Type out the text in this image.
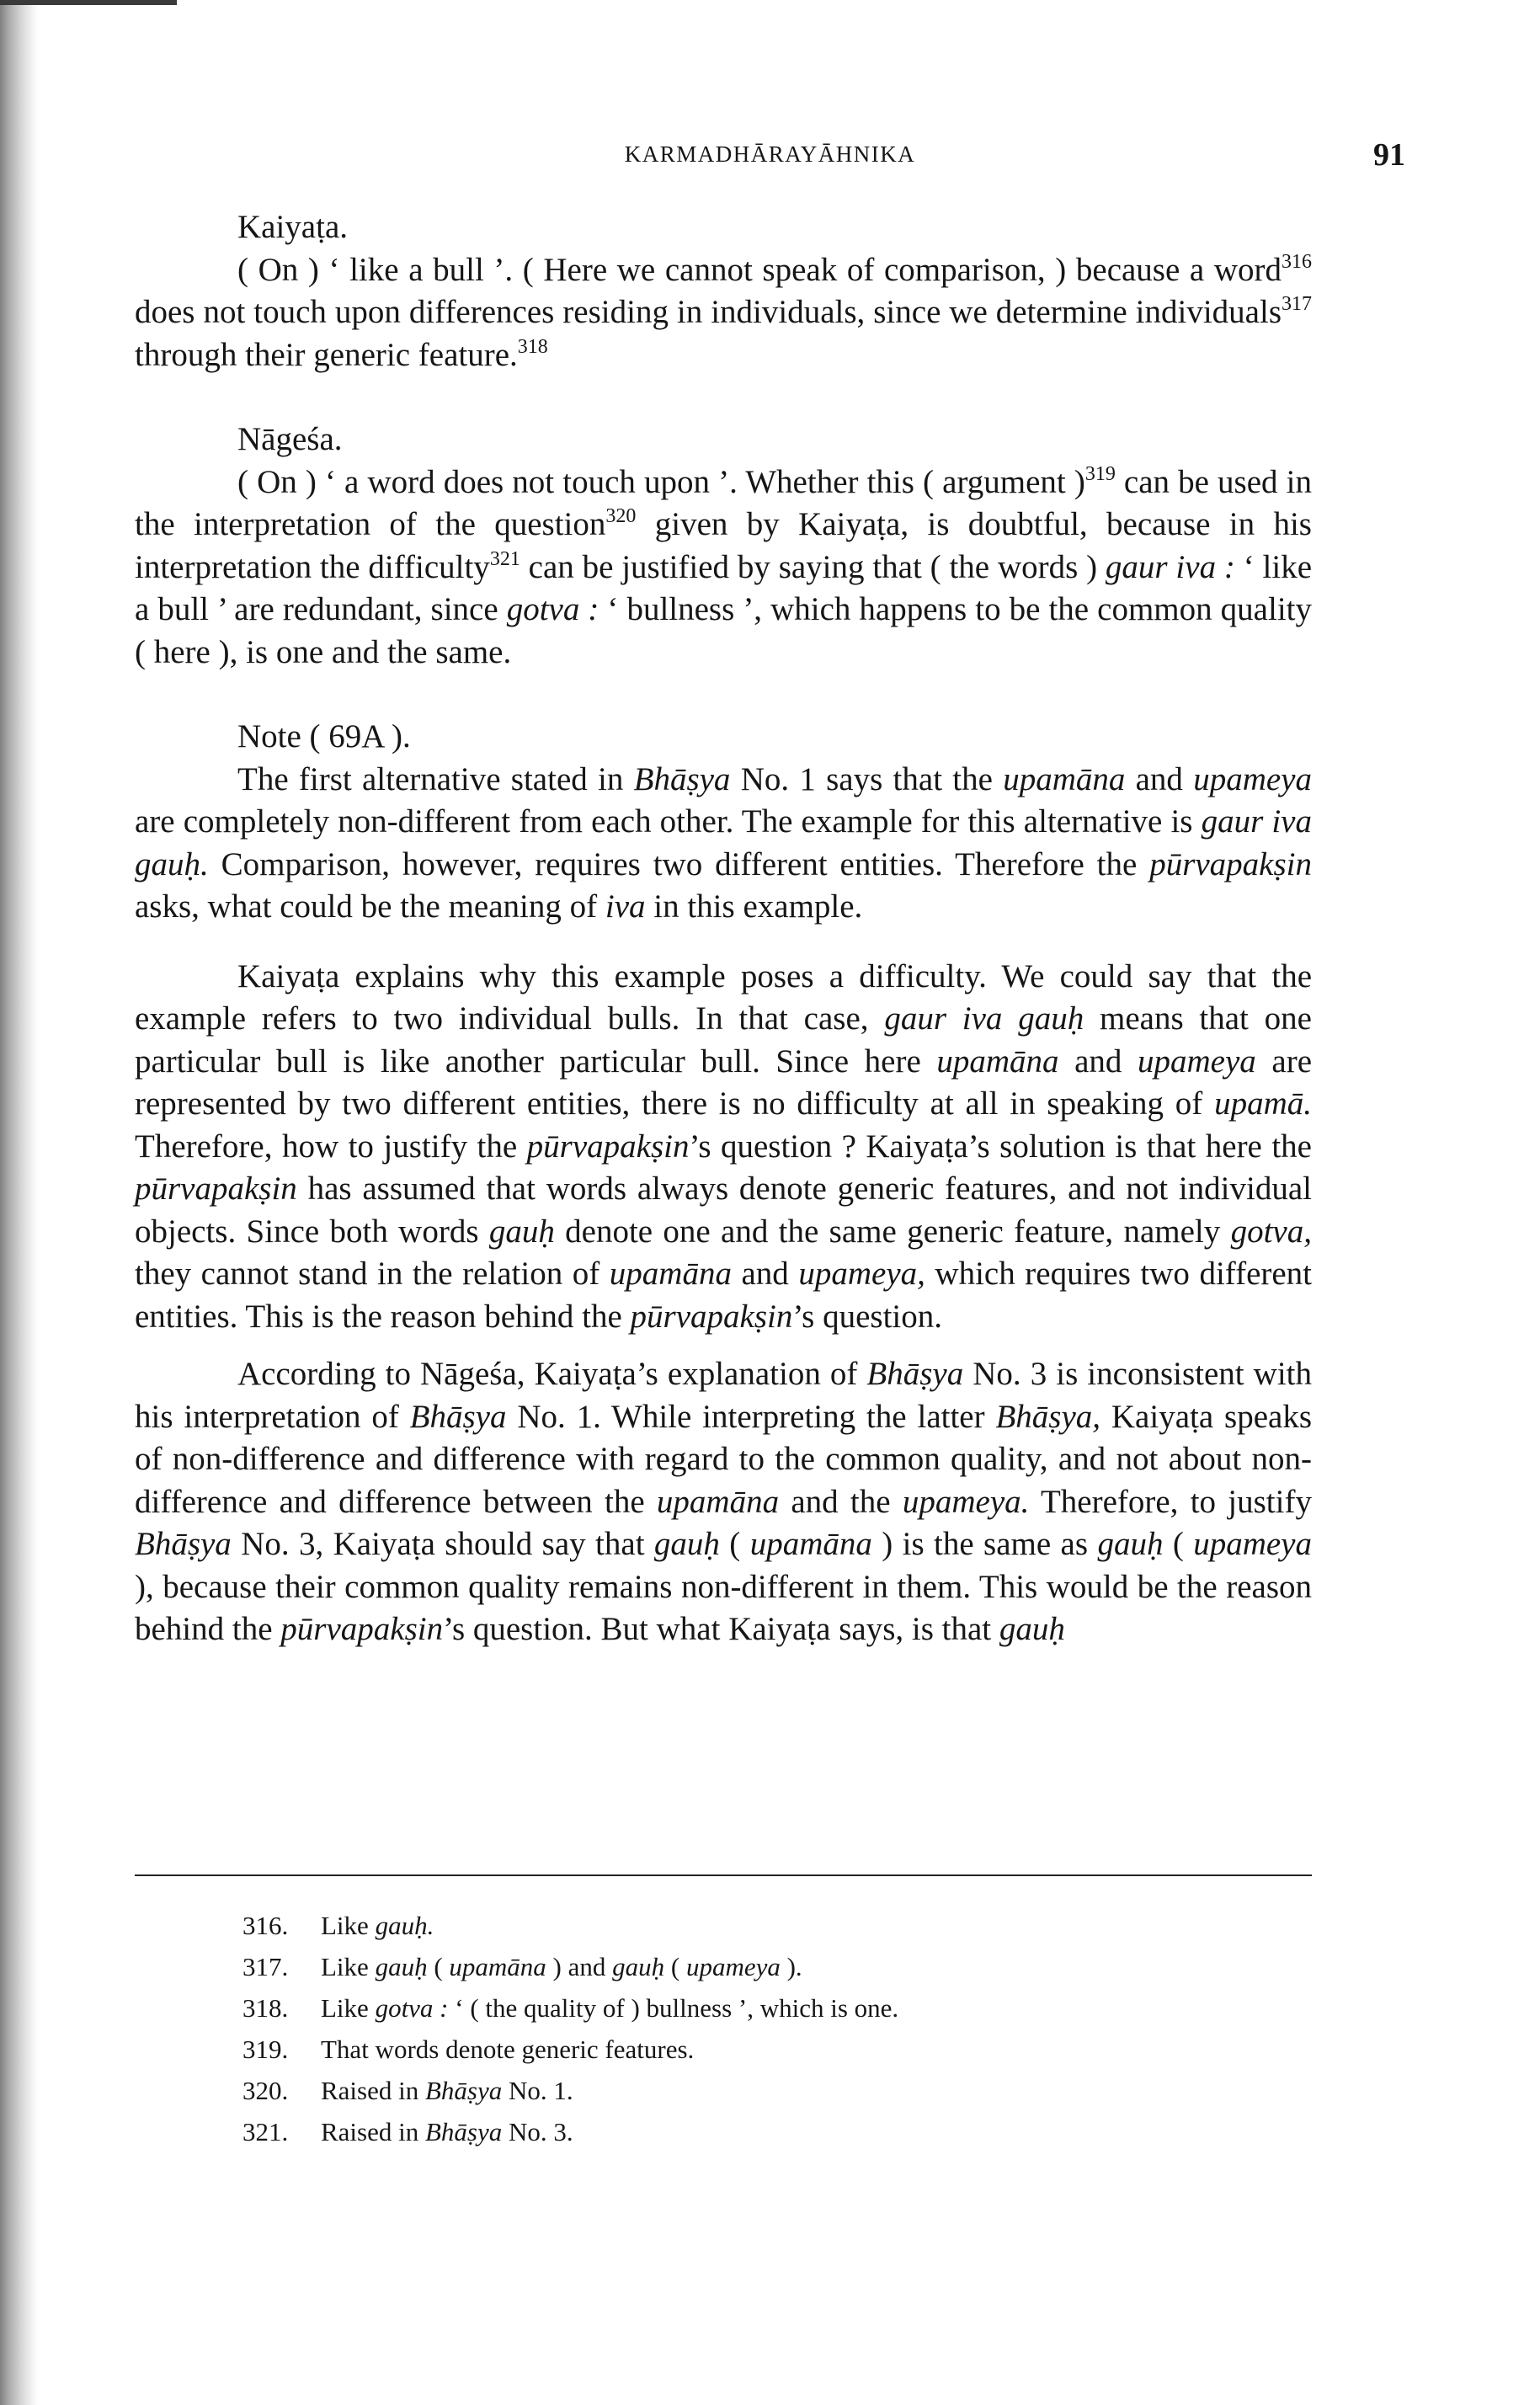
KARMADHĀRAYĀHNIKA	91

Kaiyaṭa.

( On ) ‘ like a bull ’. ( Here we cannot speak of comparison, ) because a word$^{316}$ does not touch upon differences residing in individuals, since we determine individuals$^{317}$ through their generic feature.$^{318}$

Nāgeśa.

( On ) ‘ a word does not touch upon ’. Whether this ( argument )$^{319}$ can be used in the interpretation of the question$^{320}$ given by Kaiyaṭa, is doubtful, because in his interpretation the difficulty$^{321}$ can be justified by saying that ( the words ) gaur iva : ‘ like a bull ’ are redundant, since gotva : ‘ bullness ’, which happens to be the common quality ( here ), is one and the same.

Note ( 69A ).

The first alternative stated in Bhāṣya No. 1 says that the upamāna and upameya are completely non-different from each other. The example for this alternative is gaur iva gauḥ. Comparison, however, requires two different entities. Therefore the pūrvapakṣin asks, what could be the meaning of iva in this example.

Kaiyaṭa explains why this example poses a difficulty. We could say that the example refers to two individual bulls. In that case, gaur iva gauḥ means that one particular bull is like another particular bull. Since here upamāna and upameya are represented by two different entities, there is no difficulty at all in speaking of upamā. Therefore, how to justify the pūrvapakṣin’s question ? Kaiyaṭa’s solution is that here the pūrvapakṣin has assumed that words always denote generic features, and not individual objects. Since both words gauḥ denote one and the same generic feature, namely gotva, they cannot stand in the relation of upamāna and upameya, which requires two different entities. This is the reason behind the pūrvapakṣin’s question.

According to Nāgeśa, Kaiyaṭa’s explanation of Bhāṣya No. 3 is inconsistent with his interpretation of Bhāṣya No. 1. While interpreting the latter Bhāṣya, Kaiyaṭa speaks of non-difference and difference with regard to the common quality, and not about non-difference and difference between the upamāna and the upameya. Therefore, to justify Bhāṣya No. 3, Kaiyaṭa should say that gauḥ ( upamāna ) is the same as gauḥ ( upameya ), because their common quality remains non-different in them. This would be the reason behind the pūrvapakṣin’s question. But what Kaiyaṭa says, is that gauḥ

316. Like gauḥ.
317. Like gauḥ ( upamāna ) and gauḥ ( upameya ).
318. Like gotva : ‘ ( the quality of ) bullness ’, which is one.
319. That words denote generic features.
320. Raised in Bhāṣya No. 1.
321. Raised in Bhāṣya No. 3.
